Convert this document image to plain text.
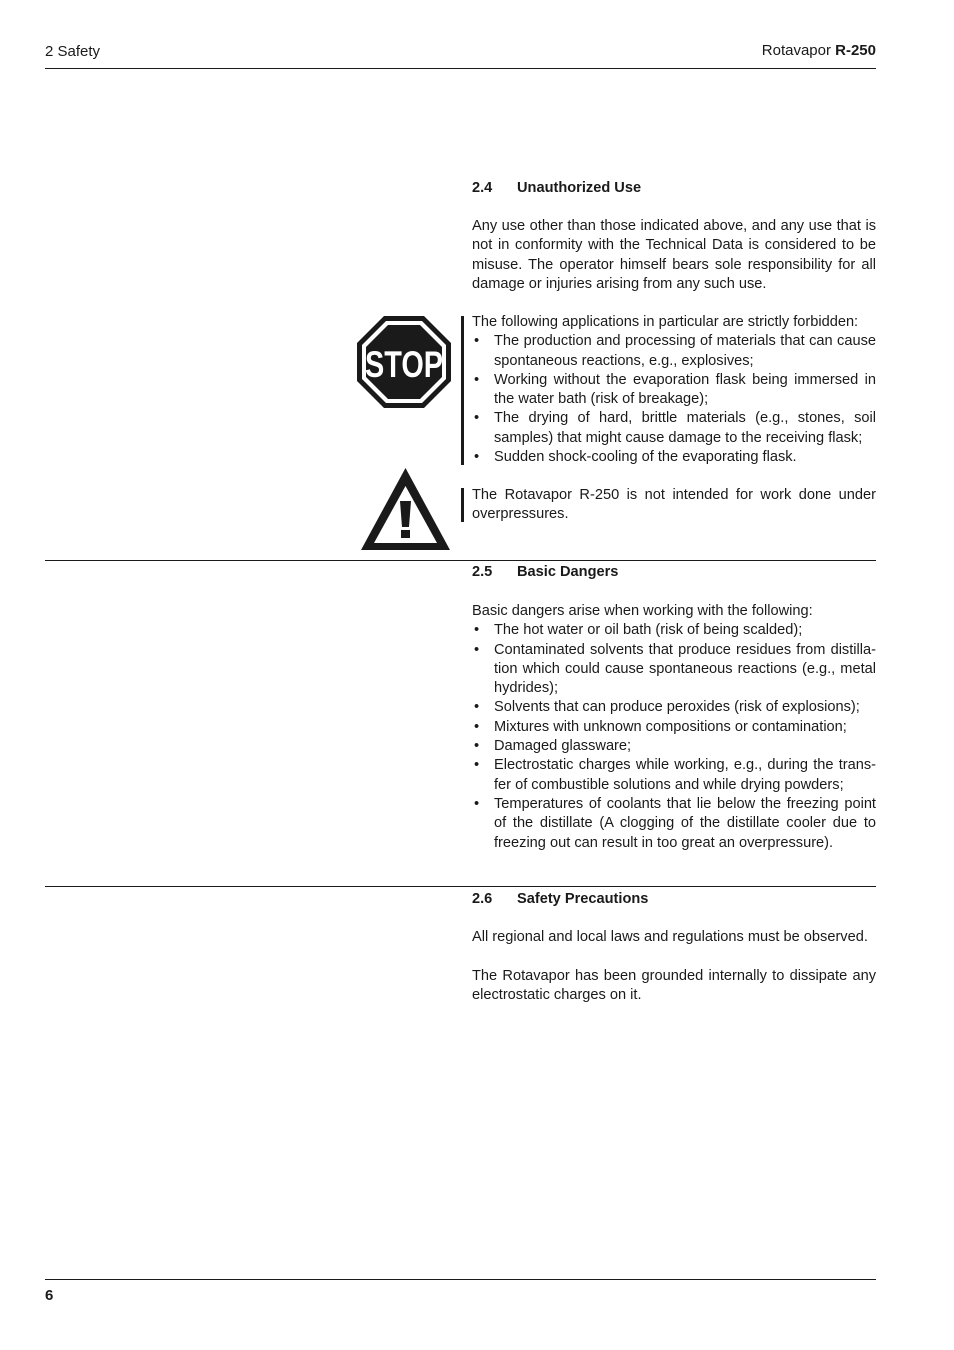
2 Safety	Rotavapor R-250
2.4 Unauthorized Use

Any use other than those indicated above, and any use that is not in conformity with the Technical Data is considered to be misuse. The operator himself bears sole responsibility for all damage or injuries arising from any such use.

STOP

The following applications in particular are strictly forbidden:

• The production and processing of materials that can cause spontaneous reactions, e.g., explosives;
• Working without the evaporation flask being immersed in the water bath (risk of breakage);
• The drying of hard, brittle materials (e.g., stones, soil samples) that might cause damage to the receiving flask;
• Sudden shock-cooling of the evaporating flask.

The Rotavapor R-250 is not intended for work done under overpressures.

2.5 Basic Dangers

Basic dangers arise when working with the following:

• The hot water or oil bath (risk of being scalded);
• Contaminated solvents that produce residues from distilla-tion which could cause spontaneous reactions (e.g., metal hydrides);
• Solvents that can produce peroxides (risk of explosions);
• Mixtures with unknown compositions or contamination;
• Damaged glassware;
• Electrostatic charges while working, e.g., during the trans-fer of combustible solutions and while drying powders;
• Temperatures of coolants that lie below the freezing point of the distillate (A clogging of the distillate cooler due to freezing out can result in too great an overpressure).
2.6 Safety Precautions

All regional and local laws and regulations must be observed.

The Rotavapor has been grounded internally to dissipate any electrostatic charges on it.

6
